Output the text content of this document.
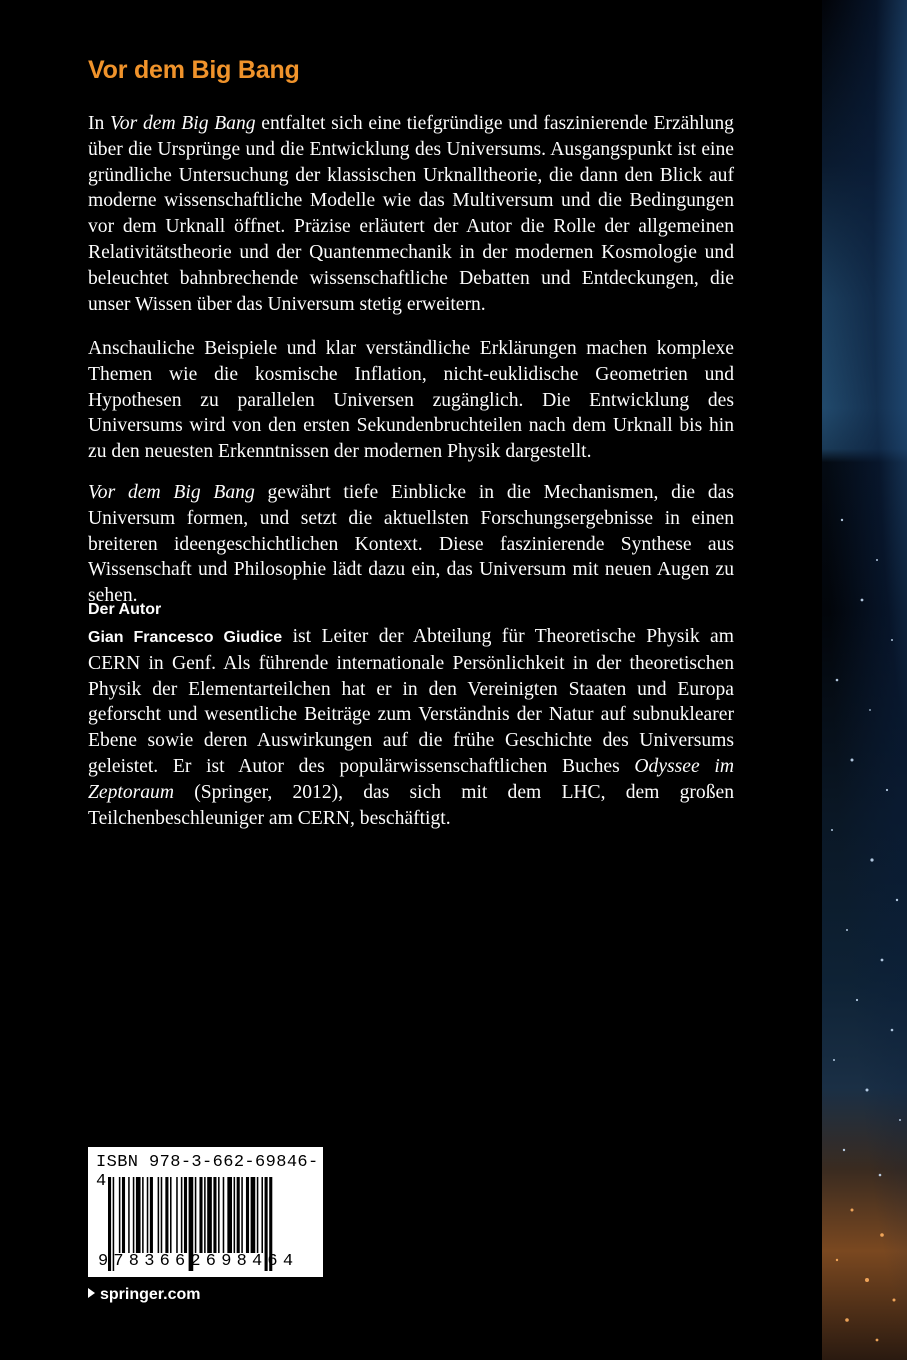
Vor dem Big Bang

In Vor dem Big Bang entfaltet sich eine tiefgründige und faszinierende Erzählung über die Ursprünge und die Entwicklung des Universums. Ausgangspunkt ist eine gründliche Untersuchung der klassischen Urknalltheorie, die dann den Blick auf moderne wissenschaftliche Modelle wie das Multiversum und die Bedingungen vor dem Urknall öffnet. Präzise erläutert der Autor die Rolle der allgemeinen Relativitätstheorie und der Quantenmechanik in der modernen Kosmologie und beleuchtet bahnbrechende wissenschaftliche Debatten und Entdeckungen, die unser Wissen über das Universum stetig erweitern.

Anschauliche Beispiele und klar verständliche Erklärungen machen komplexe Themen wie die kosmische Inflation, nicht-euklidische Geometrien und Hypothesen zu parallelen Universen zugänglich. Die Entwicklung des Universums wird von den ersten Sekundenbruchteilen nach dem Urknall bis hin zu den neuesten Erkenntnissen der modernen Physik dargestellt.

Vor dem Big Bang gewährt tiefe Einblicke in die Mechanismen, die das Universum formen, und setzt die aktuellsten Forschungsergebnisse in einen breiteren ideengeschichtlichen Kontext. Diese faszinierende Synthese aus Wissenschaft und Philosophie lädt dazu ein, das Universum mit neuen Augen zu sehen.

Der Autor

Gian Francesco Giudice ist Leiter der Abteilung für Theoretische Physik am CERN in Genf. Als führende internationale Persönlichkeit in der theoretischen Physik der Elementarteilchen hat er in den Vereinigten Staaten und Europa geforscht und wesentliche Beiträge zum Verständnis der Natur auf subnuklearer Ebene sowie deren Auswirkungen auf die frühe Geschichte des Universums geleistet. Er ist Autor des populärwissenschaftlichen Buches Odyssee im Zeptoraum (Springer, 2012), das sich mit dem LHC, dem großen Teilchenbeschleuniger am CERN, beschäftigt.

ISBN 978-3-662-69846-4
9783662698464
springer.com
